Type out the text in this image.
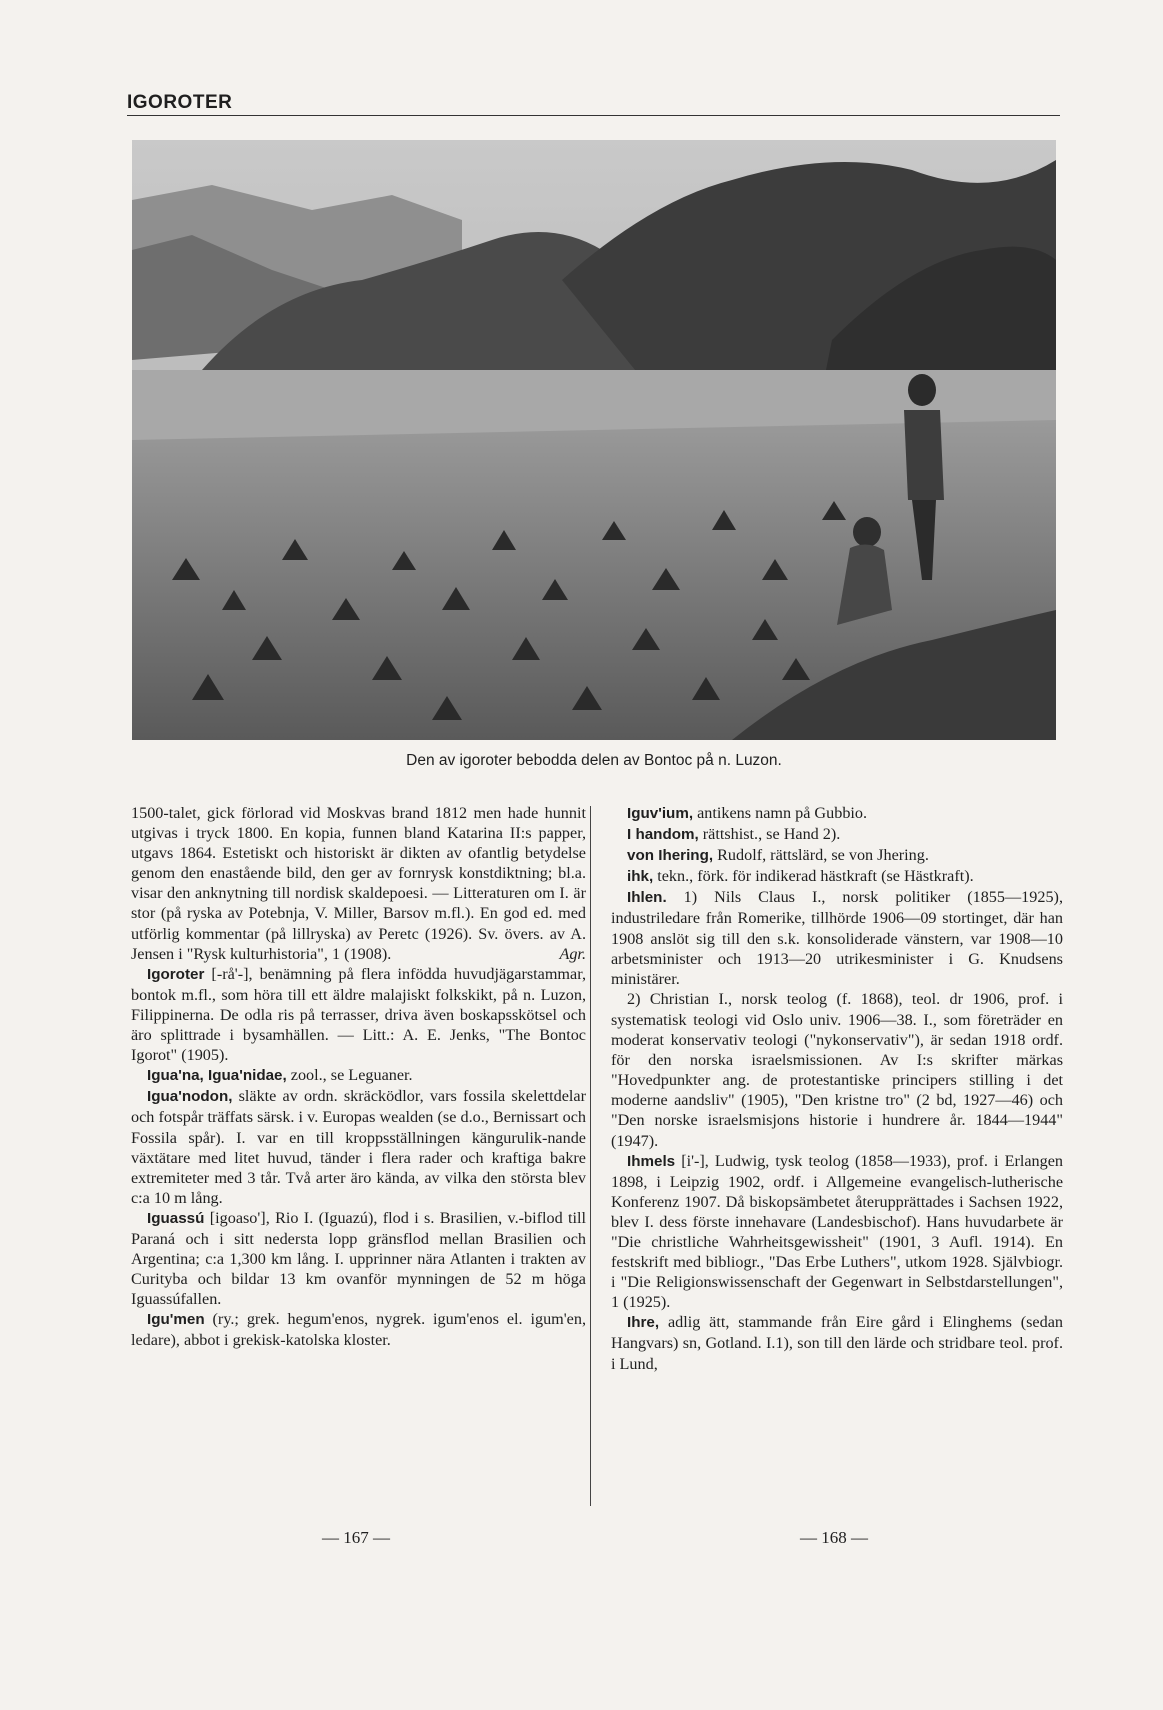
IGOROTER
Den av igoroter bebodda delen av Bontoc på n. Luzon.

1500-talet, gick förlorad vid Moskvas brand 1812 men hade hunnit utgivas i tryck 1800. En kopia, funnen bland Katarina II:s papper, utgavs 1864. Estetiskt och historiskt är dikten av ofantlig betydelse genom den enastående bild, den ger av fornrysk konstdiktning; bl.a. visar den anknytning till nordisk skaldepoesi. — Litteraturen om I. är stor (på ryska av Potebnja, V. Miller, Barsov m.fl.). En god ed. med utförlig kommentar (på lillryska) av Peretc (1926). Sv. övers. av A. Jensen i "Rysk kulturhistoria", 1 (1908).	Agr.

Igoroter [-rå'-], benämning på flera infödda huvudjägarstammar, bontok m.fl., som höra till ett äldre malajiskt folkskikt, på n. Luzon, Filippinerna. De odla ris på terrasser, driva även boskapsskötsel och äro splittrade i bysamhällen. — Litt.: A. E. Jenks, "The Bontoc Igorot" (1905).

Igua'na, Igua'nidae, zool., se Leguaner.

Igua'nodon, släkte av ordn. skräcködlor, vars fossila skelettdelar och fotspår träffats särsk. i v. Europas wealden (se d.o., Bernissart och Fossila spår). I. var en till kroppsställningen kängurulik-nande växtätare med litet huvud, tänder i flera rader och kraftiga bakre extremiteter med 3 tår. Två arter äro kända, av vilka den största blev c:a 10 m lång.

Iguassú [igoaso'], Rio I. (Iguazú), flod i s. Brasilien, v.-biflod till Paraná och i sitt nedersta lopp gränsflod mellan Brasilien och Argentina; c:a 1,300 km lång. I. upprinner nära Atlanten i trakten av Curityba och bildar 13 km ovanför mynningen de 52 m höga Iguassúfallen.

Igu'men (ry.; grek. hegum'enos, nygrek. igum'enos el. igum'en, ledare), abbot i grekisk-katolska kloster.

Iguv'ium, antikens namn på Gubbio.

I handom, rättshist., se Hand 2).

von Ihering, Rudolf, rättslärd, se von Jhering.

ihk, tekn., förk. för indikerad hästkraft (se Hästkraft).

Ihlen. 1) Nils Claus I., norsk politiker (1855—1925), industriledare från Romerike, tillhörde 1906—09 stortinget, där han 1908 anslöt sig till den s.k. konsoliderade vänstern, var 1908—10 arbetsminister och 1913—20 utrikesminister i G. Knudsens ministärer.

2) Christian I., norsk teolog (f. 1868), teol. dr 1906, prof. i systematisk teologi vid Oslo univ. 1906—38. I., som företräder en moderat konservativ teologi ("nykonservativ"), är sedan 1918 ordf. för den norska israelsmissionen. Av I:s skrifter märkas "Hovedpunkter ang. de protestantiske principers stilling i det moderne aandsliv" (1905), "Den kristne tro" (2 bd, 1927—46) och "Den norske israelsmisjons historie i hundrere år. 1844—1944" (1947).

Ihmels [i'-], Ludwig, tysk teolog (1858—1933), prof. i Erlangen 1898, i Leipzig 1902, ordf. i Allgemeine evangelisch-lutherische Konferenz 1907. Då biskopsämbetet återupprättades i Sachsen 1922, blev I. dess förste innehavare (Landesbischof). Hans huvudarbete är "Die christliche Wahrheitsgewissheit" (1901, 3 Aufl. 1914). En festskrift med bibliogr., "Das Erbe Luthers", utkom 1928. Självbiogr. i "Die Religionswissenschaft der Gegenwart in Selbstdarstellungen", 1 (1925).

Ihre, adlig ätt, stammande från Eire gård i Elinghems (sedan Hangvars) sn, Gotland. I.1), son till den lärde och stridbare teol. prof. i Lund,

— 167 —	— 168 —
